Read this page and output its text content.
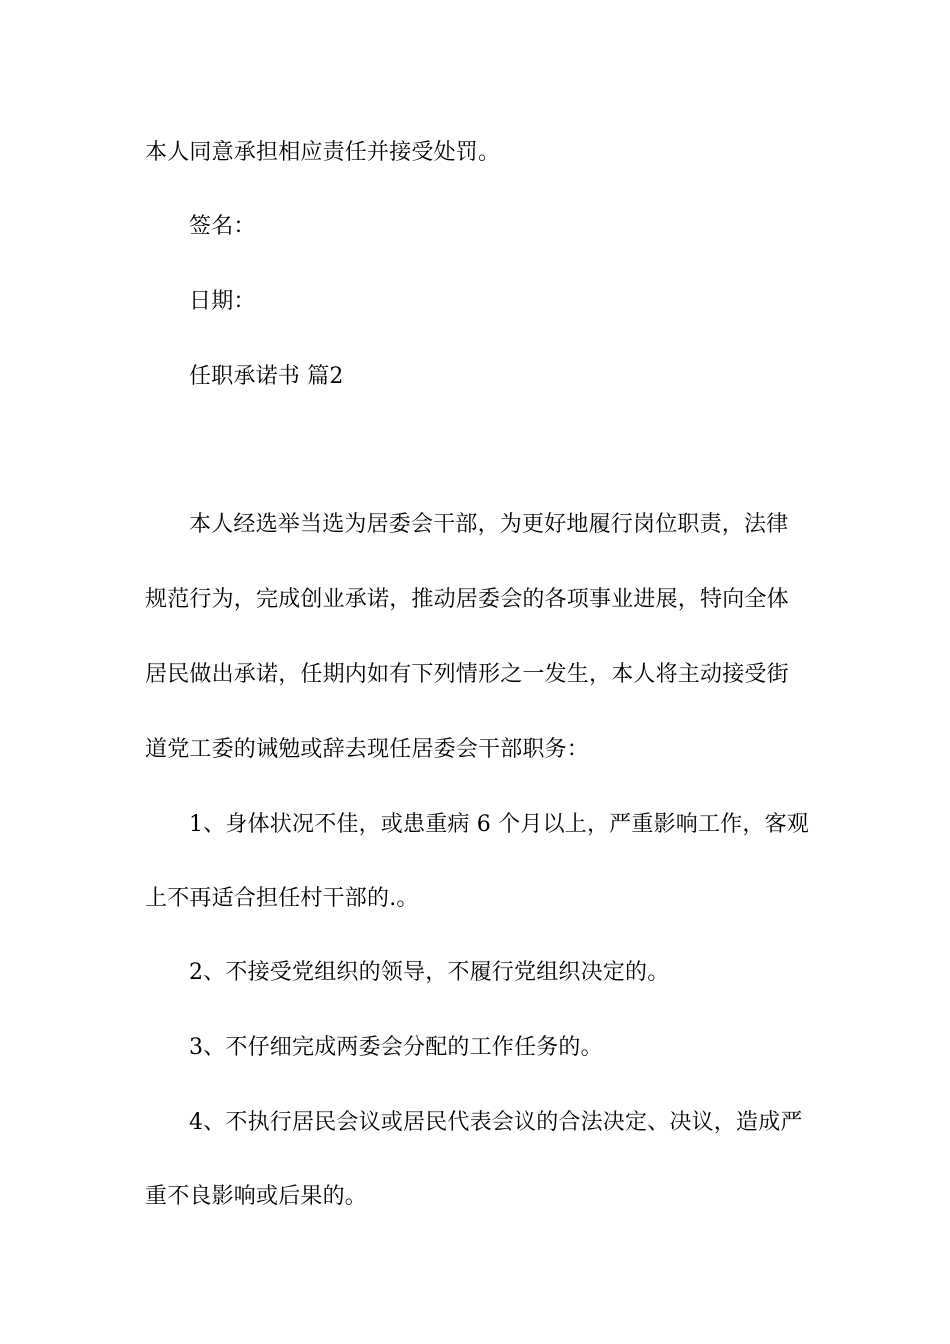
本人同意承担相应责任并接受处罚。
签名：
日期：
任职承诺书 篇2
本人经选举当选为居委会干部，为更好地履行岗位职责，法律
规范行为，完成创业承诺，推动居委会的各项事业进展，特向全体
居民做出承诺，任期内如有下列情形之一发生，本人将主动接受街
道党工委的诫勉或辞去现任居委会干部职务：
1、身体状况不佳，或患重病 6 个月以上，严重影响工作，客观
上不再适合担任村干部的.。
2、不接受党组织的领导，不履行党组织决定的。
3、不仔细完成两委会分配的工作任务的。
4、不执行居民会议或居民代表会议的合法决定、决议，造成严
重不良影响或后果的。
